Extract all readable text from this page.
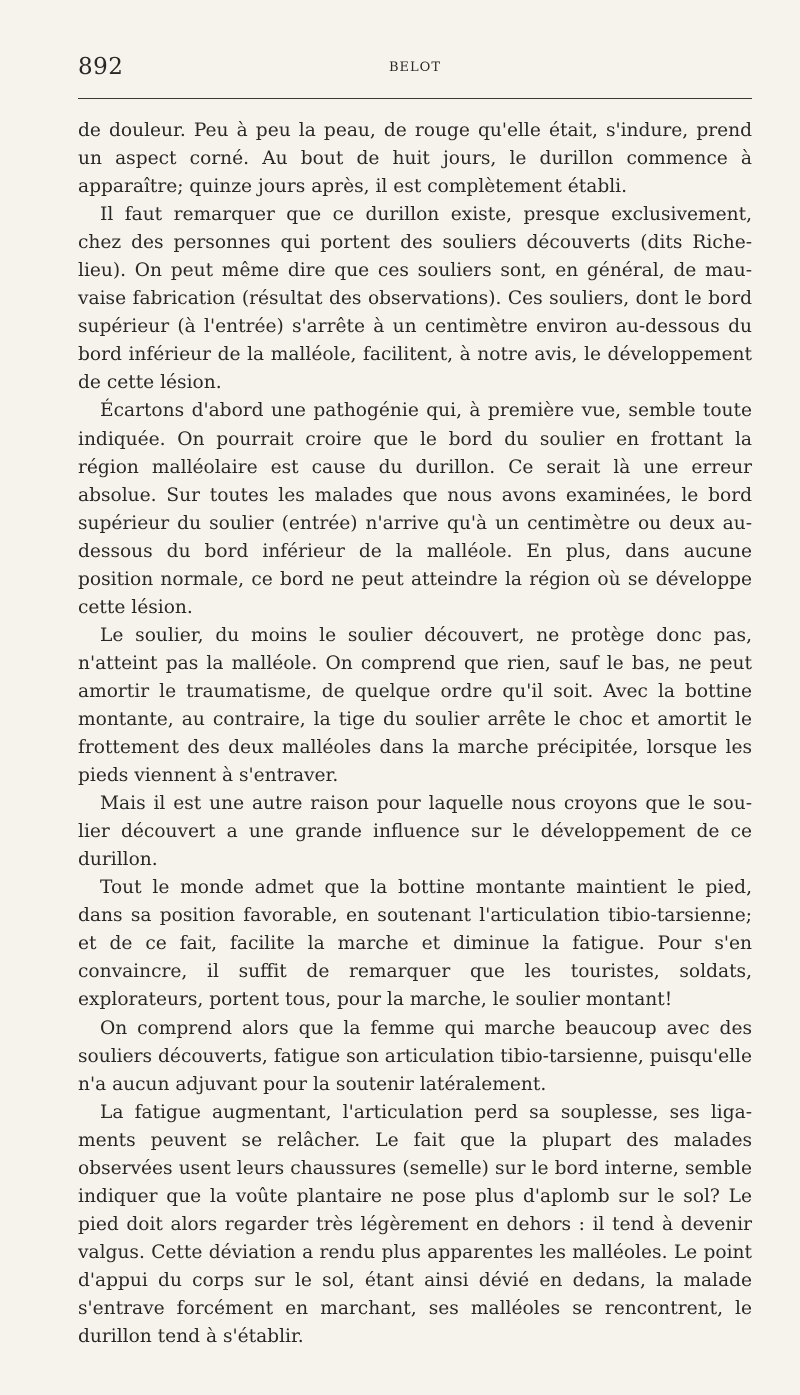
892	BELOT

de douleur. Peu à peu la peau, de rouge qu'elle était, s'indure, prend un aspect corné. Au bout de huit jours, le durillon commence à apparaître; quinze jours après, il est complètement établi.

Il faut remarquer que ce durillon existe, presque exclusivement, chez des personnes qui portent des souliers découverts (dits Richelieu). On peut même dire que ces souliers sont, en général, de mauvaise fabrication (résultat des observations). Ces souliers, dont le bord supérieur (à l'entrée) s'arrête à un centimètre environ au-dessous du bord inférieur de la malléole, facilitent, à notre avis, le développement de cette lésion.

Écartons d'abord une pathogénie qui, à première vue, semble toute indiquée. On pourrait croire que le bord du soulier en frottant la région malléolaire est cause du durillon. Ce serait là une erreur absolue. Sur toutes les malades que nous avons examinées, le bord supérieur du soulier (entrée) n'arrive qu'à un centimètre ou deux au-dessous du bord inférieur de la malléole. En plus, dans aucune position normale, ce bord ne peut atteindre la région où se développe cette lésion.

Le soulier, du moins le soulier découvert, ne protège donc pas, n'atteint pas la malléole. On comprend que rien, sauf le bas, ne peut amortir le traumatisme, de quelque ordre qu'il soit. Avec la bottine montante, au contraire, la tige du soulier arrête le choc et amortit le frottement des deux malléoles dans la marche précipitée, lorsque les pieds viennent à s'entraver.

Mais il est une autre raison pour laquelle nous croyons que le soulier découvert a une grande influence sur le développement de ce durillon.

Tout le monde admet que la bottine montante maintient le pied, dans sa position favorable, en soutenant l'articulation tibio-tarsienne; et de ce fait, facilite la marche et diminue la fatigue. Pour s'en convaincre, il suffit de remarquer que les touristes, soldats, explorateurs, portent tous, pour la marche, le soulier montant!

On comprend alors que la femme qui marche beaucoup avec des souliers découverts, fatigue son articulation tibio-tarsienne, puisqu'elle n'a aucun adjuvant pour la soutenir latéralement.

La fatigue augmentant, l'articulation perd sa souplesse, ses ligaments peuvent se relâcher. Le fait que la plupart des malades observées usent leurs chaussures (semelle) sur le bord interne, semble indiquer que la voûte plantaire ne pose plus d'aplomb sur le sol? Le pied doit alors regarder très légèrement en dehors : il tend à devenir valgus. Cette déviation a rendu plus apparentes les malléoles. Le point d'appui du corps sur le sol, étant ainsi dévié en dedans, la malade s'entrave forcément en marchant, ses malléoles se rencontrent, le durillon tend à s'établir.
